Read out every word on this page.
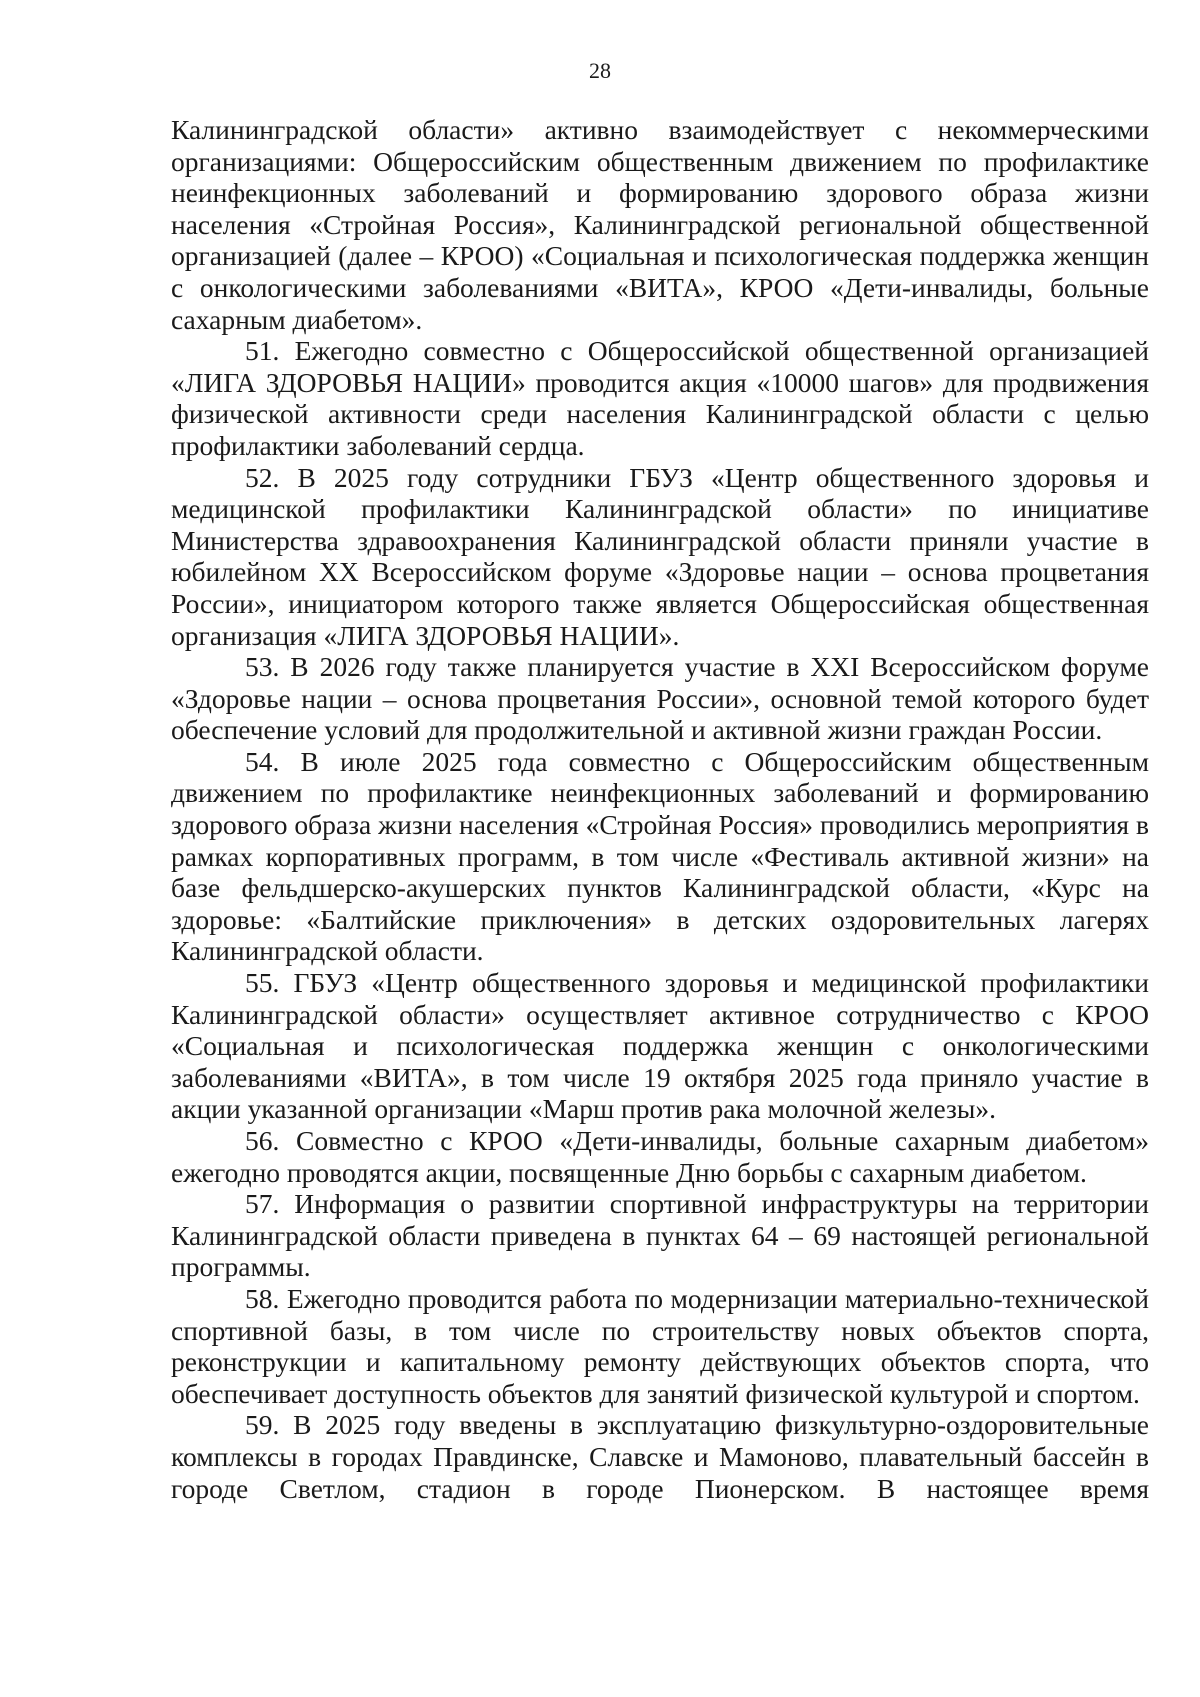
28

Калининградской области» активно взаимодействует с некоммерческими организациями: Общероссийским общественным движением по профилактике неинфекционных заболеваний и формированию здорового образа жизни населения «Стройная Россия», Калининградской региональной общественной организацией (далее – КРОО) «Социальная и психологическая поддержка женщин с онкологическими заболеваниями «ВИТА», КРОО «Дети-инвалиды, больные сахарным диабетом».

51. Ежегодно совместно с Общероссийской общественной организацией «ЛИГА ЗДОРОВЬЯ НАЦИИ» проводится акция «10000 шагов» для продвижения физической активности среди населения Калининградской области с целью профилактики заболеваний сердца.

52. В 2025 году сотрудники ГБУЗ «Центр общественного здоровья и медицинской профилактики Калининградской области» по инициативе Министерства здравоохранения Калининградской области приняли участие в юбилейном XX Всероссийском форуме «Здоровье нации – основа процветания России», инициатором которого также является Общероссийская общественная организация «ЛИГА ЗДОРОВЬЯ НАЦИИ».

53. В 2026 году также планируется участие в XXI Всероссийском форуме «Здоровье нации – основа процветания России», основной темой которого будет обеспечение условий для продолжительной и активной жизни граждан России.

54. В июле 2025 года совместно с Общероссийским общественным движением по профилактике неинфекционных заболеваний и формированию здорового образа жизни населения «Стройная Россия» проводились мероприятия в рамках корпоративных программ, в том числе «Фестиваль активной жизни» на базе фельдшерско-акушерских пунктов Калининградской области, «Курс на здоровье: «Балтийские приключения» в детских оздоровительных лагерях Калининградской области.

55. ГБУЗ «Центр общественного здоровья и медицинской профилактики Калининградской области» осуществляет активное сотрудничество с КРОО «Социальная и психологическая поддержка женщин с онкологическими заболеваниями «ВИТА», в том числе 19 октября 2025 года приняло участие в акции указанной организации «Марш против рака молочной железы».

56. Совместно с КРОО «Дети-инвалиды, больные сахарным диабетом» ежегодно проводятся акции, посвященные Дню борьбы с сахарным диабетом.

57. Информация о развитии спортивной инфраструктуры на территории Калининградской области приведена в пунктах 64 – 69 настоящей региональной программы.

58. Ежегодно проводится работа по модернизации материально-технической спортивной базы, в том числе по строительству новых объектов спорта, реконструкции и капитальному ремонту действующих объектов спорта, что обеспечивает доступность объектов для занятий физической культурой и спортом.

59. В 2025 году введены в эксплуатацию физкультурно-оздоровительные комплексы в городах Правдинске, Славске и Мамоново, плавательный бассейн в городе Светлом, стадион в городе Пионерском. В настоящее время
